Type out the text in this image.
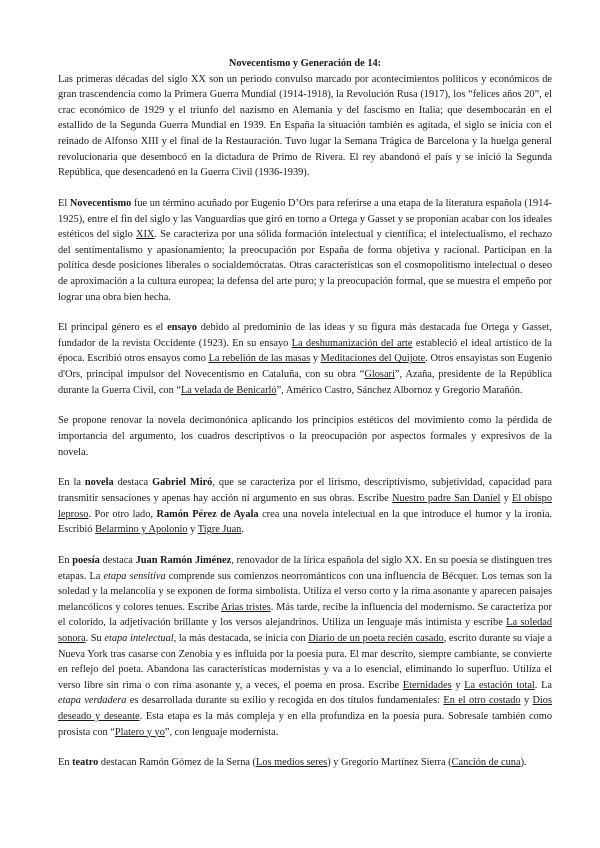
Novecentismo y Generación de 14:

Las primeras décadas del siglo XX son un periodo convulso marcado por acontecimientos políticos y económicos de gran trascendencia como la Primera Guerra Mundial (1914-1918), la Revolución Rusa (1917), los “felices años 20”, el crac económico de 1929 y el triunfo del nazismo en Alemania y del fascismo en Italia; que desembocarán en el estallido de la Segunda Guerra Mundial en 1939. En España la situación también es agitada, el siglo se inicia con el reinado de Alfonso XIII y el final de la Restauración. Tuvo lugar la Semana Trágica de Barcelona y la huelga general revolucionaria que desembocó en la dictadura de Primo de Rivera. El rey abandonó el país y se inició la Segunda República, que desencadenó en la Guerra Civil (1936-1939).

El Novecentismo fue un término acuñado por Eugenio D’Ors para referirse a una etapa de la literatura española (1914-1925), entre el fin del siglo y las Vanguardias que giró en torno a Ortega y Gasset y se proponían acabar con los ideales estéticos del siglo XIX. Se caracteriza por una sólida formación intelectual y científica; el intelectualismo, el rechazo del sentimentalismo y apasionamiento; la preocupación por España de forma objetiva y racional. Participan en la política desde posiciones liberales o socialdemócratas. Otras características son el cosmopolitismo intelectual o deseo de aproximación a la cultura europea; la defensa del arte puro; y la preocupación formal, que se muestra el empeño por lograr una obra bien hecha.

El principal género es el ensayo debido al predominio de las ideas y su figura más destacada fue Ortega y Gasset, fundador de la revista Occidente (1923). En su ensayo La deshumanización del arte estableció el ideal artístico de la época. Escribió otros ensayos como La rebelión de las masas y Meditaciones del Quijote. Otros ensayistas son Eugenio d'Ors, principal impulsor del Novecentismo en Cataluña, con su obra “Glosari”, Azaña, presidente de la República durante la Guerra Civil, con “La velada de Benicarló”, Américo Castro, Sánchez Albornoz y Gregorio Marañón.

Se propone renovar la novela decimonónica aplicando los principios estéticos del movimiento como la pérdida de importancia del argumento, los cuadros descriptivos o la preocupación por aspectos formales y expresivos de la novela.

En la novela destaca Gabriel Miró, que se caracteriza por el lirismo, descriptivismo, subjetividad, capacidad para transmitir sensaciones y apenas hay acción ni argumento en sus obras. Escribe Nuestro padre San Daniel y El obispo leproso. Por otro lado, Ramón Pérez de Ayala crea una novela intelectual en la que introduce el humor y la ironía. Escribió Belarmino y Apolonio y Tigre Juan.

En poesía destaca Juan Ramón Jiménez, renovador de la lírica española del siglo XX. En su poesía se distinguen tres etapas. La etapa sensitiva comprende sus comienzos neorrománticos con una influencia de Bécquer. Los temas son la soledad y la melancolía y se exponen de forma simbolista. Utiliza el verso corto y la rima asonante y aparecen paisajes melancólicos y colores tenues. Escribe Arias tristes. Más tarde, recibe la influencia del modernismo. Se caracteriza por el colorido, la adjetivación brillante y los versos alejandrinos. Utiliza un lenguaje más intimista y escribe La soledad sonora. Su etapa intelectual, la más destacada, se inicia con Diario de un poeta recién casado, escrito durante su viaje a Nueva York tras casarse con Zenobia y es influida por la poesía pura. El mar descrito, siempre cambiante, se convierte en reflejo del poeta. Abandona las características modernistas y va a lo esencial, eliminando lo superfluo. Utiliza el verso libre sin rima o con rima asonante y, a veces, el poema en prosa. Escribe Eternidades y La estación total. La etapa verdadera es desarrollada durante su exilio y recogida en dos títulos fundamentales: En el otro costado y Dios deseado y deseante. Esta etapa es la más compleja y en ella profundiza en la poesía pura. Sobresale también como prosista con “Platero y yo”, con lenguaje modernista.

En teatro destacan Ramón Gómez de la Serna (Los medios seres) y Gregorio Martínez Sierra (Canción de cuna).
